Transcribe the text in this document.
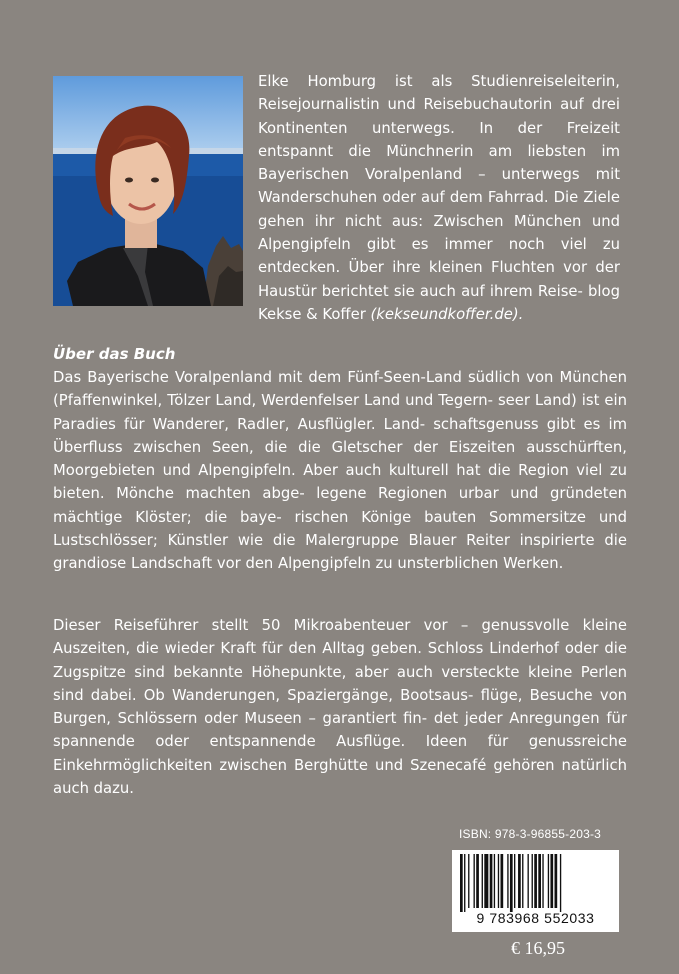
Elke Homburg ist als Studienreiseleiterin, Reisejournalistin und Reisebuchautorin auf drei Kontinenten unterwegs. In der Freizeit entspannt die Münchnerin am liebsten im Bayerischen Voralpenland – unterwegs mit Wanderschuhen oder auf dem Fahrrad. Die Ziele gehen ihr nicht aus: Zwischen München und Alpengipfeln gibt es immer noch viel zu entdecken. Über ihre kleinen Fluchten vor der Haustür berichtet sie auch auf ihrem Reise- blog Kekse & Koffer (kekseundkoffer.de).

Über das Buch

Das Bayerische Voralpenland mit dem Fünf-Seen-Land südlich von München (Pfaffenwinkel, Tölzer Land, Werdenfelser Land und Tegern- seer Land) ist ein Paradies für Wanderer, Radler, Ausflügler. Land- schaftsgenuss gibt es im Überfluss zwischen Seen, die die Gletscher der Eiszeiten ausschürften, Moorgebieten und Alpengipfeln. Aber auch kulturell hat die Region viel zu bieten. Mönche machten abge- legene Regionen urbar und gründeten mächtige Klöster; die baye- rischen Könige bauten Sommersitze und Lustschlösser; Künstler wie die Malergruppe Blauer Reiter inspirierte die grandiose Landschaft vor den Alpengipfeln zu unsterblichen Werken.

Dieser Reiseführer stellt 50 Mikroabenteuer vor – genussvolle kleine Auszeiten, die wieder Kraft für den Alltag geben. Schloss Linderhof oder die Zugspitze sind bekannte Höhepunkte, aber auch versteckte kleine Perlen sind dabei. Ob Wanderungen, Spaziergänge, Bootsaus- flüge, Besuche von Burgen, Schlössern oder Museen – garantiert fin- det jeder Anregungen für spannende oder entspannende Ausflüge. Ideen für genussreiche Einkehrmöglichkeiten zwischen Berghütte und Szenecafé gehören natürlich auch dazu.

ISBN: 978-3-96855-203-3
9 783968 552033
€ 16,95
